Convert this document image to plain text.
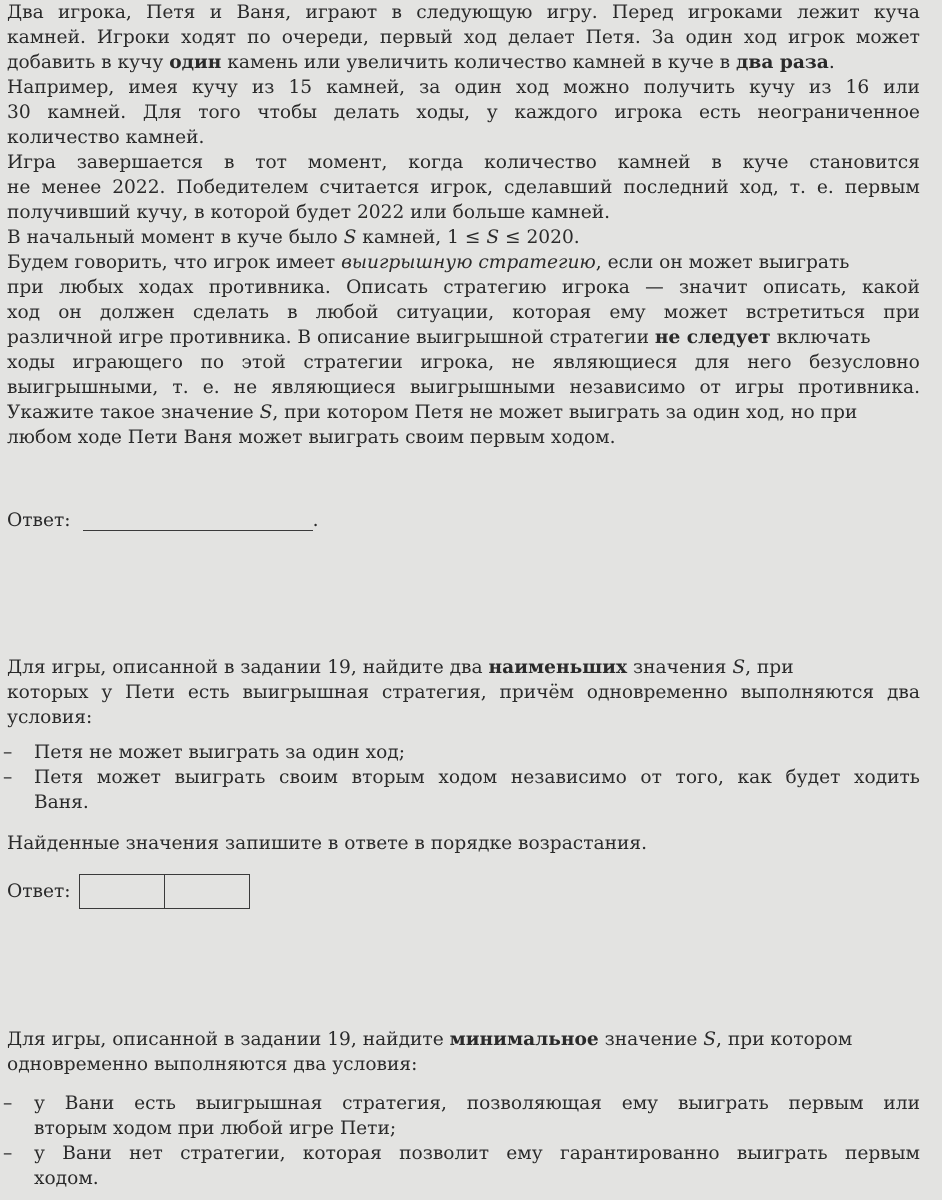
Два игрока, Петя и Ваня, играют в следующую игру. Перед игроками лежит куча
камней. Игроки ходят по очереди, первый ход делает Петя. За один ход игрок может
добавить в кучу один камень или увеличить количество камней в куче в два раза .
Например, имея кучу из 15 камней, за один ход можно получить кучу из 16 или
30 камней. Для того чтобы делать ходы, у каждого игрока есть неограниченное
количество камней.
Игра завершается в тот момент, когда количество камней в куче становится
не менее 2022. Победителем считается игрок, сделавший последний ход, т. е. первым
получивший кучу, в которой будет 2022 или больше камней.
В начальный момент в куче было S камней, 1 ≤ S ≤ 2020.
Будем говорить, что игрок имеет выигрышную стратегию, если он может выиграть
при любых ходах противника. Описать стратегию игрока — значит описать, какой
ход он должен сделать в любой ситуации, которая ему может встретиться при
различной игре противника. В описание выигрышной стратегии не следует включать
ходы играющего по этой стратегии игрока, не являющиеся для него безусловно
выигрышными, т. е. не являющиеся выигрышными независимо от игры противника.
Укажите такое значение S , при котором Петя не может выиграть за один ход, но при
любом ходе Пети Ваня может выиграть своим первым ходом.
Ответ:	.
Для игры, описанной в задании 19, найдите два наименьших значения S, при
которых у Пети есть выигрышная стратегия, причём одновременно выполняются два
условия:
– Петя не может выиграть за один ход;
– Петя может выиграть своим вторым ходом независимо от того, как будет ходить
Ваня.
Найденные значения запишите в ответе в порядке возрастания.
Ответ:
Для игры, описанной в задании 19, найдите минимальное значение S, при котором
одновременно выполняются два условия:
– у Вани есть выигрышная стратегия, позволяющая ему выиграть первым или
вторым ходом при любой игре Пети;
– у Вани нет стратегии, которая позволит ему гарантированно выиграть первым
ходом.
